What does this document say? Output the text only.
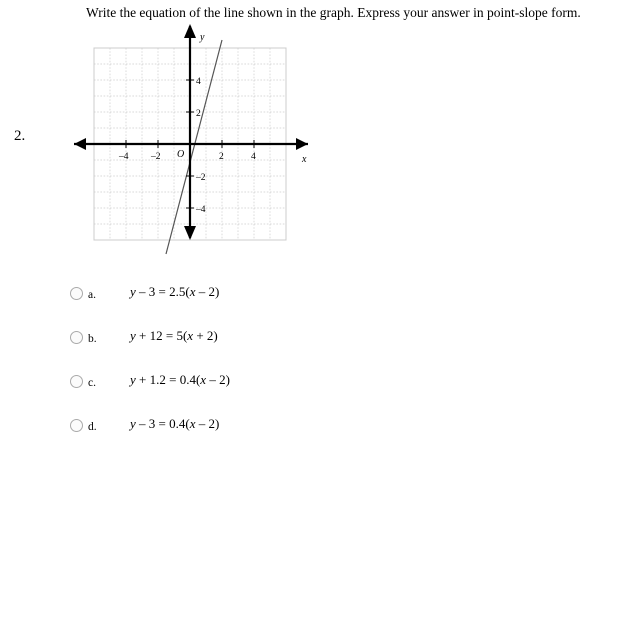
2.
Write the equation of the line shown in the graph. Express your answer in point-slope form.
–4 –2	2	4
4
2
–2
–4
O
y
x
a.	y – 3 = 2.5(x – 2)
b.	y + 12 = 5(x + 2)
c.	y + 1.2 = 0.4(x – 2)
d.	y – 3 = 0.4(x – 2)
